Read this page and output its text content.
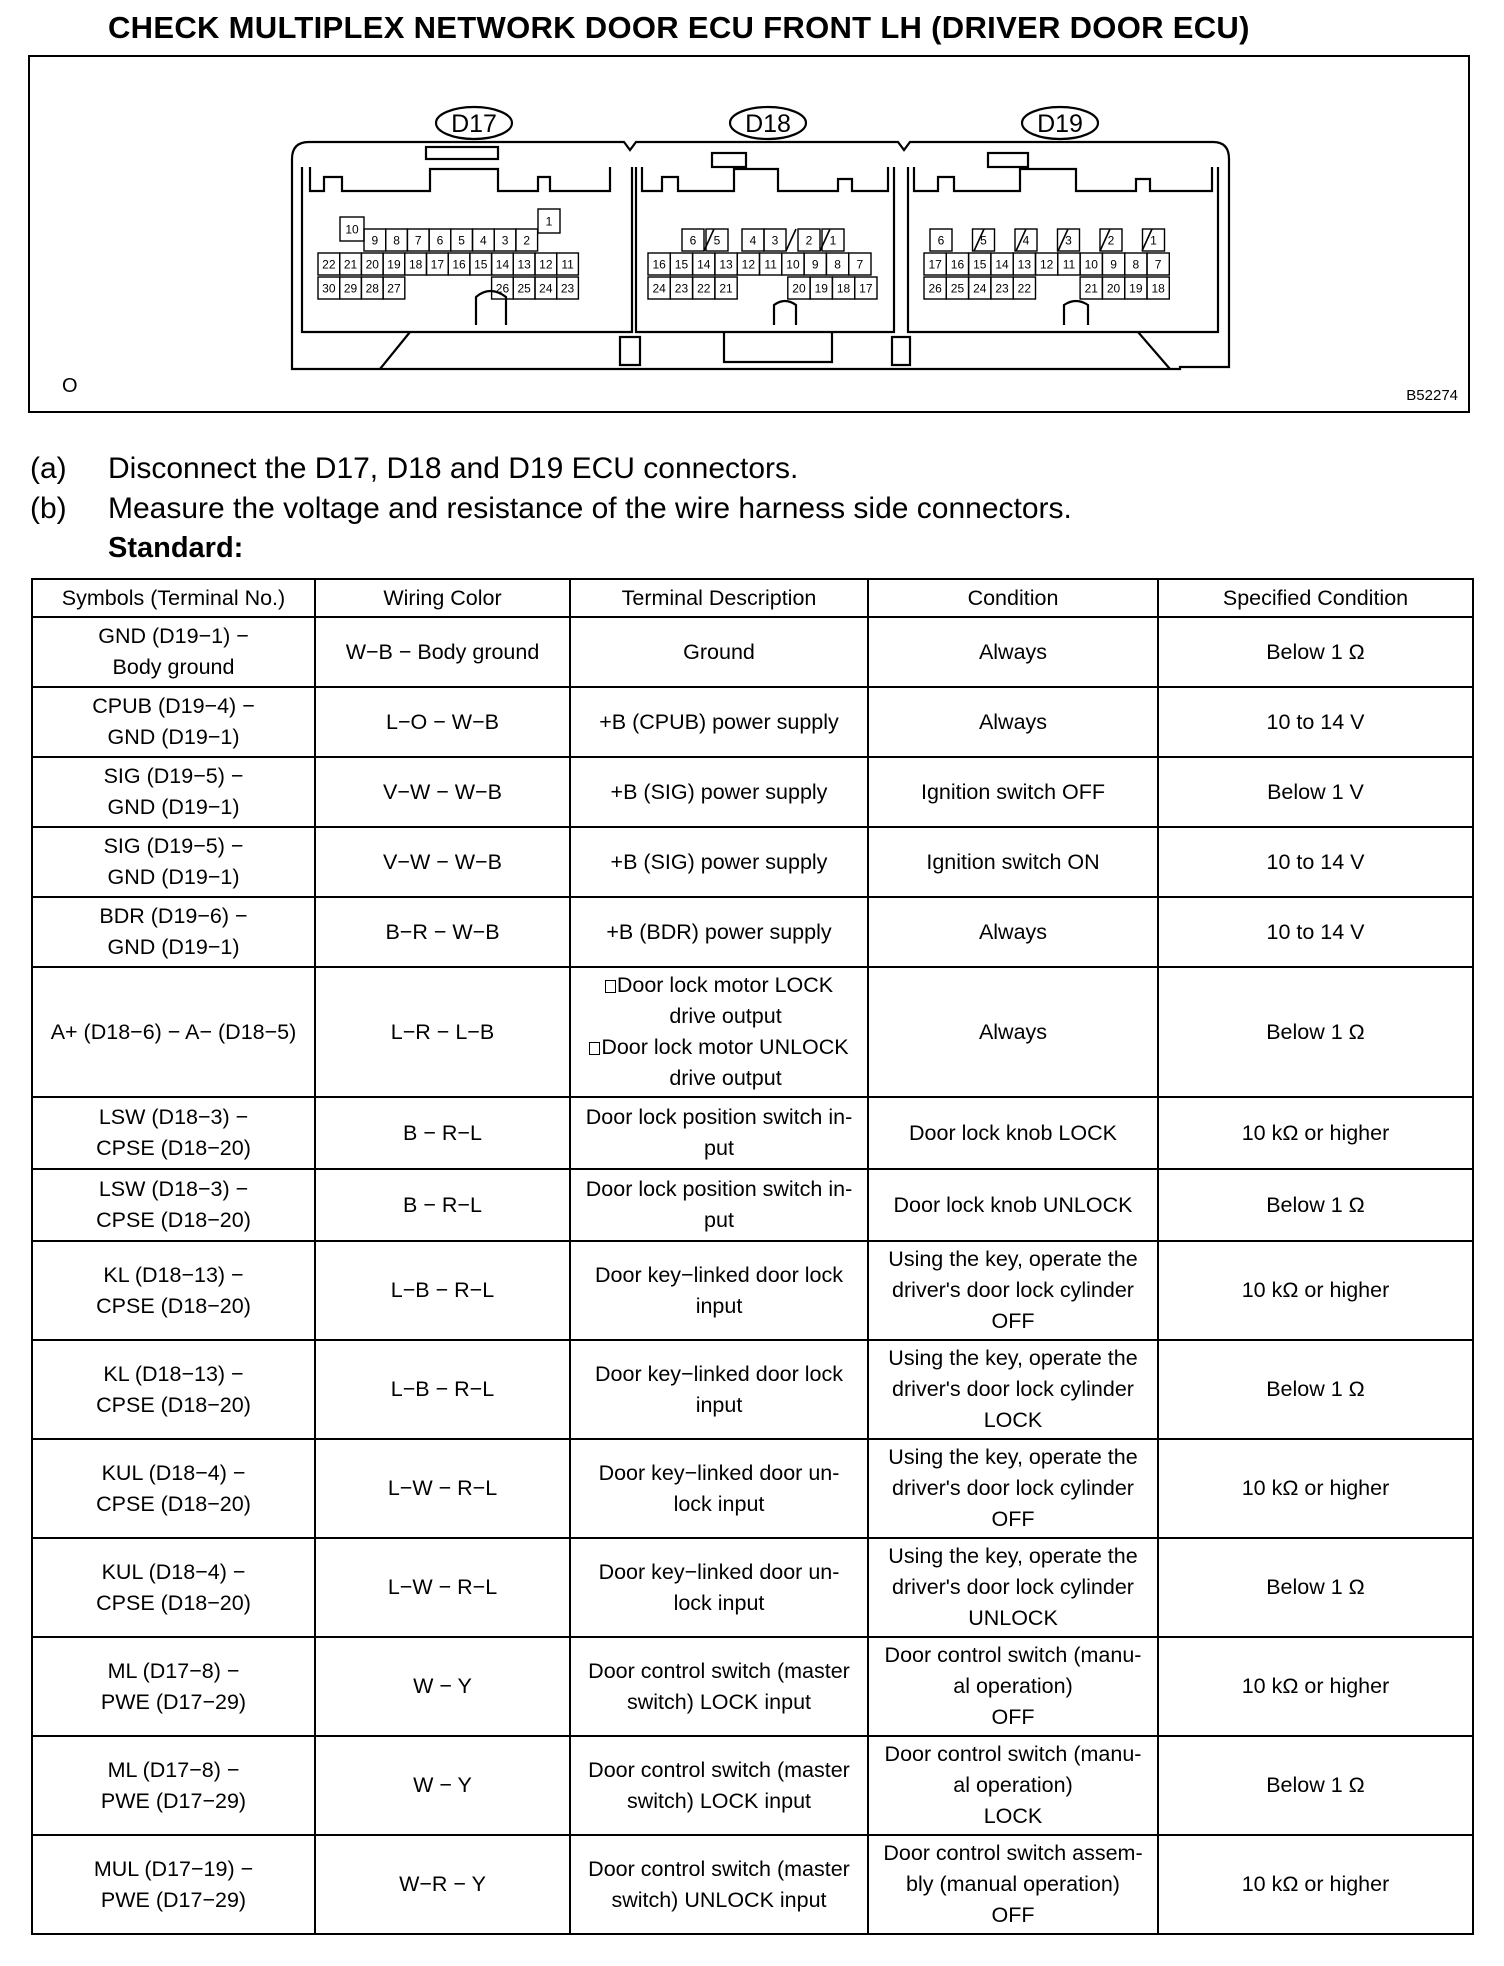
CHECK MULTIPLEX NETWORK DOOR ECU FRONT LH (DRIVER DOOR ECU)
D17	D18	D19
10
1
9 8 7 6 5 4 3 2
22 21 20 19 18 17 16 15 14 13 12 11
30 29 28 27	26 25 24 23
6 5 4 3 2 1
16 15 14 13 12 11 10 9 8 7
24 23 22 21	20 19 18 17
6	5	4	3	2	1
17 16 15 14 13 12 11 10 9 8 7
26 25 24 23 22	21 20 19 18
O	B52274
(a) Disconnect the D17, D18 and D19 ECU connectors.
(b) Measure the voltage and resistance of the wire harness side connectors.
Standard:
Symbols (Terminal No.)	Wiring Color	Terminal Description	Condition	Specified Condition
GND (D19−1) −
Body ground	W−B − Body ground	Ground	Always	Below 1 Ω
CPUB (D19−4) −
GND (D19−1)	L−O − W−B	+B (CPUB) power supply	Always	10 to 14 V
SIG (D19−5) −
GND (D19−1)	V−W − W−B	+B (SIG) power supply	Ignition switch OFF	Below 1 V
SIG (D19−5) −
GND (D19−1)	V−W − W−B	+B (SIG) power supply	Ignition switch ON	10 to 14 V
BDR (D19−6) −
GND (D19−1)	B−R − W−B	+B (BDR) power supply	Always	10 to 14 V
A+ (D18−6) − A− (D18−5)	L−R − L−B	Door lock motor LOCK
drive output
Door lock motor UNLOCK
drive output	Always	Below 1 Ω
LSW (D18−3) −
CPSE (D18−20)	B − R−L	Door lock position switch in-
put	Door lock knob LOCK	10 kΩ or higher
LSW (D18−3) −
CPSE (D18−20)	B − R−L	Door lock position switch in-
put	Door lock knob UNLOCK	Below 1 Ω
KL (D18−13) −
CPSE (D18−20)	L−B − R−L	Door key−linked door lock
input	Using the key, operate the
driver's door lock cylinder
OFF	10 kΩ or higher
KL (D18−13) −
CPSE (D18−20)	L−B − R−L	Door key−linked door lock
input	Using the key, operate the
driver's door lock cylinder
LOCK	Below 1 Ω
KUL (D18−4) −
CPSE (D18−20)	L−W − R−L	Door key−linked door un-
lock input	Using the key, operate the
driver's door lock cylinder
OFF	10 kΩ or higher
KUL (D18−4) −
CPSE (D18−20)	L−W − R−L	Door key−linked door un-
lock input	Using the key, operate the
driver's door lock cylinder
UNLOCK	Below 1 Ω
ML (D17−8) −
PWE (D17−29)	W − Y	Door control switch (master
switch) LOCK input	Door control switch (manu-
al operation)
OFF	10 kΩ or higher
ML (D17−8) −
PWE (D17−29)	W − Y	Door control switch (master
switch) LOCK input	Door control switch (manu-
al operation)
LOCK	Below 1 Ω
MUL (D17−19) −
PWE (D17−29)	W−R − Y	Door control switch (master
switch) UNLOCK input	Door control switch assem-
bly (manual operation)
OFF	10 kΩ or higher
